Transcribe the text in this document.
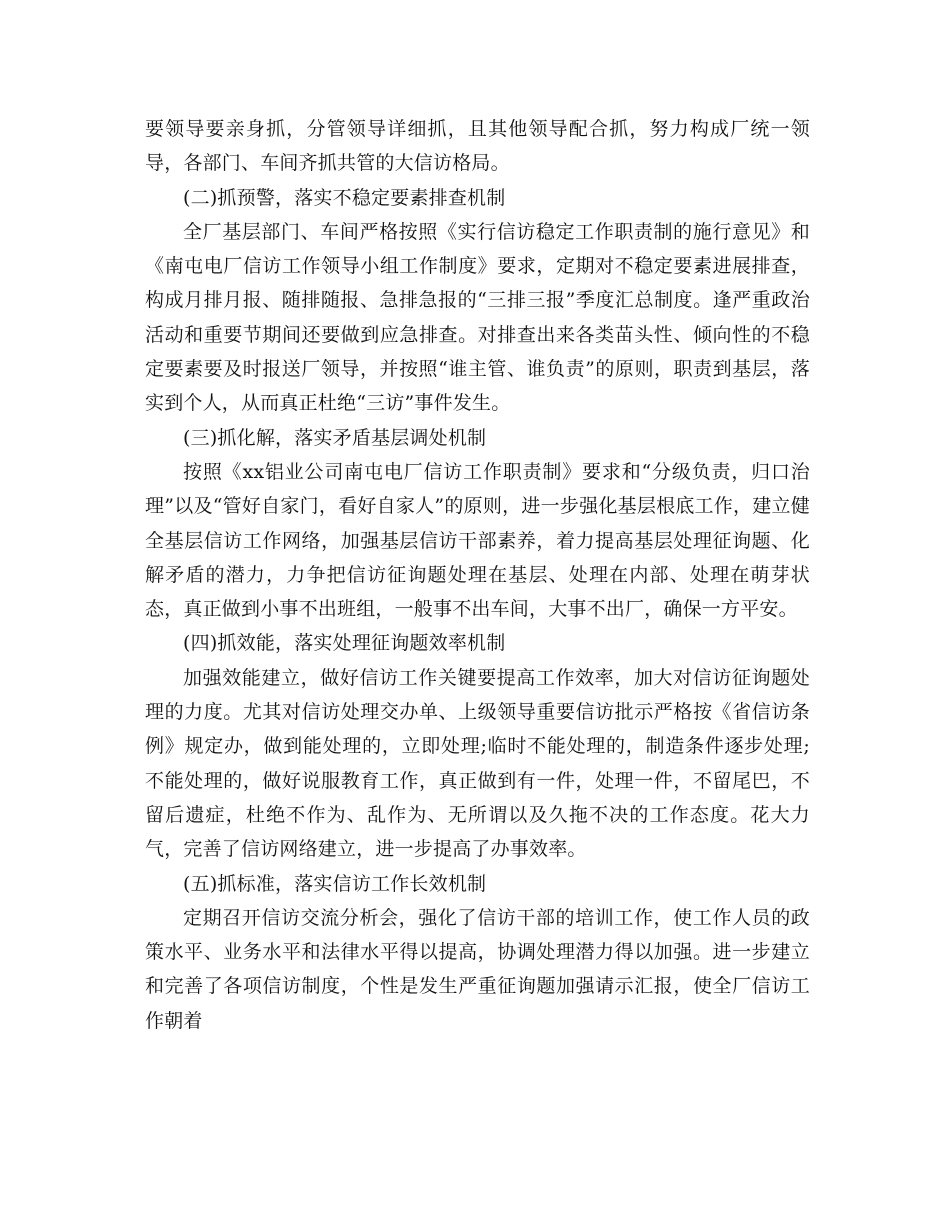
要领导要亲身抓，分管领导详细抓，且其他领导配合抓，努力构成厂统一领导，各部门、车间齐抓共管的大信访格局。

(二)抓预警，落实不稳定要素排查机制

全厂基层部门、车间严格按照《实行信访稳定工作职责制的施行意见》和《南屯电厂信访工作领导小组工作制度》要求，定期对不稳定要素进展排查，构成月排月报、随排随报、急排急报的“三排三报”季度汇总制度。逢严重政治活动和重要节期间还要做到应急排查。对排查出来各类苗头性、倾向性的不稳定要素要及时报送厂领导，并按照“谁主管、谁负责”的原则，职责到基层，落实到个人，从而真正杜绝“三访”事件发生。

(三)抓化解，落实矛盾基层调处机制

按照《xx铝业公司南屯电厂信访工作职责制》要求和“分级负责，归口治理”以及“管好自家门，看好自家人”的原则，进一步强化基层根底工作，建立健全基层信访工作网络，加强基层信访干部素养，着力提高基层处理征询题、化解矛盾的潜力，力争把信访征询题处理在基层、处理在内部、处理在萌芽状态，真正做到小事不出班组，一般事不出车间，大事不出厂，确保一方平安。

(四)抓效能，落实处理征询题效率机制

加强效能建立，做好信访工作关键要提高工作效率，加大对信访征询题处理的力度。尤其对信访处理交办单、上级领导重要信访批示严格按《省信访条例》规定办，做到能处理的，立即处理;临时不能处理的，制造条件逐步处理;不能处理的，做好说服教育工作，真正做到有一件，处理一件，不留尾巴，不留后遗症，杜绝不作为、乱作为、无所谓以及久拖不决的工作态度。花大力气，完善了信访网络建立，进一步提高了办事效率。

(五)抓标准，落实信访工作长效机制

定期召开信访交流分析会，强化了信访干部的培训工作，使工作人员的政策水平、业务水平和法律水平得以提高，协调处理潜力得以加强。进一步建立和完善了各项信访制度，个性是发生严重征询题加强请示汇报，使全厂信访工作朝着
